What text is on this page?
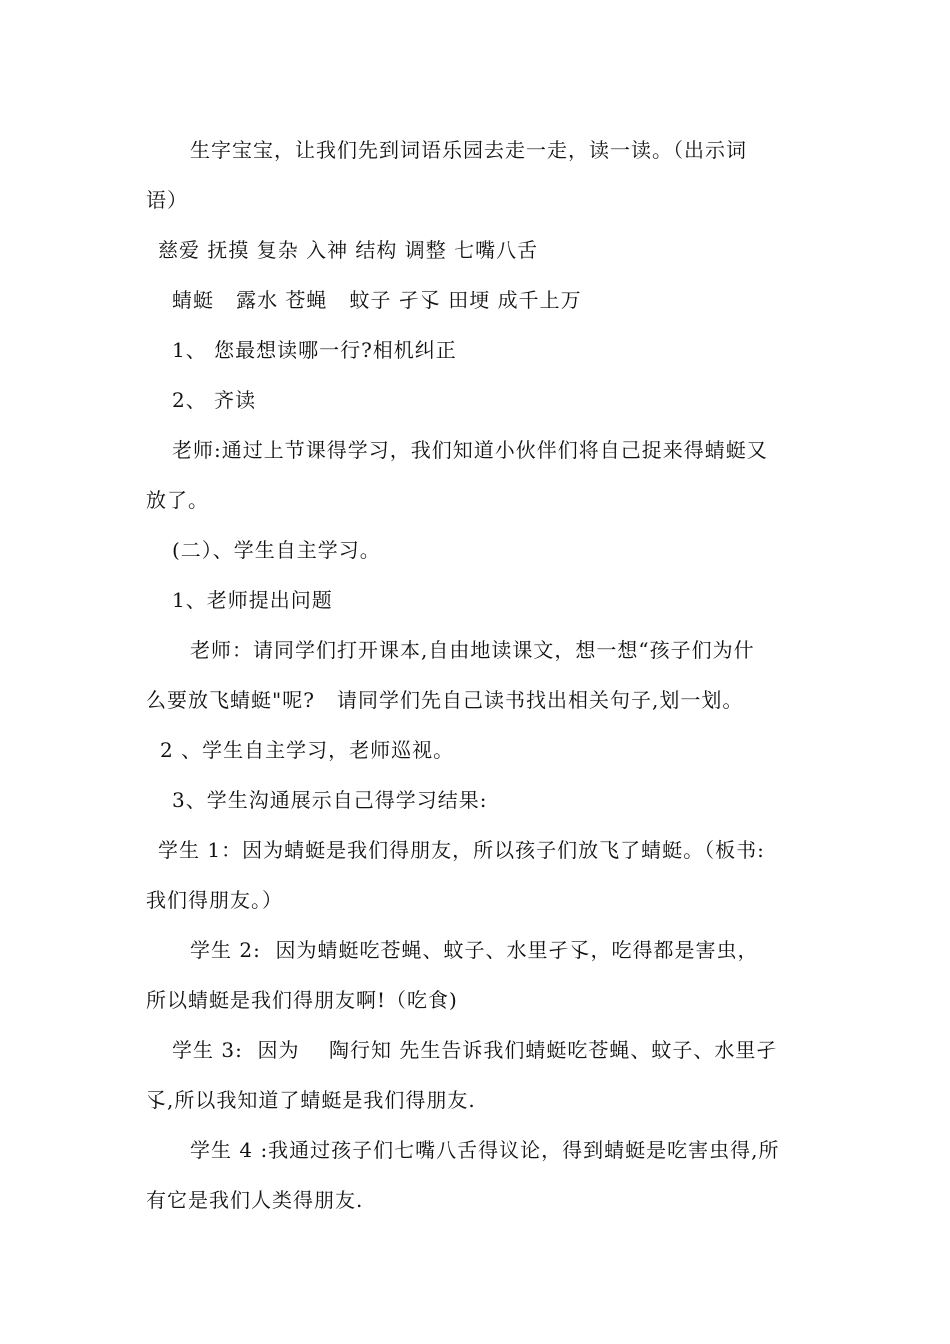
生字宝宝，让我们先到词语乐园去走一走，读一读。（出示词
语）
慈爱 抚摸 复杂 入神 结构 调整 七嘴八舌
蜻蜓   露水 苍蝇   蚊子 孑孓 田埂 成千上万
1、 您最想读哪一行?相机纠正
2、 齐读
老师:通过上节课得学习，我们知道小伙伴们将自己捉来得蜻蜓又
放了。
(二）、学生自主学习。
1、老师提出问题
老师：请同学们打开课本,自由地读课文，想一想“孩子们为什
么要放飞蜻蜓"呢?   请同学们先自己读书找出相关句子,划一划。
2 、学生自主学习，老师巡视。
3、学生沟通展示自己得学习结果:
学生 1：因为蜻蜓是我们得朋友，所以孩子们放飞了蜻蜓。（板书:
我们得朋友。）
学生 2:  因为蜻蜓吃苍蝇、蚊子、水里孑孓，吃得都是害虫，
所以蜻蜓是我们得朋友啊!（吃食)
学生 3:  因为    陶行知 先生告诉我们蜻蜓吃苍蝇、蚊子、水里孑
孓,所以我知道了蜻蜓是我们得朋友.
学生 4 :我通过孩子们七嘴八舌得议论，得到蜻蜓是吃害虫得,所
有它是我们人类得朋友.
